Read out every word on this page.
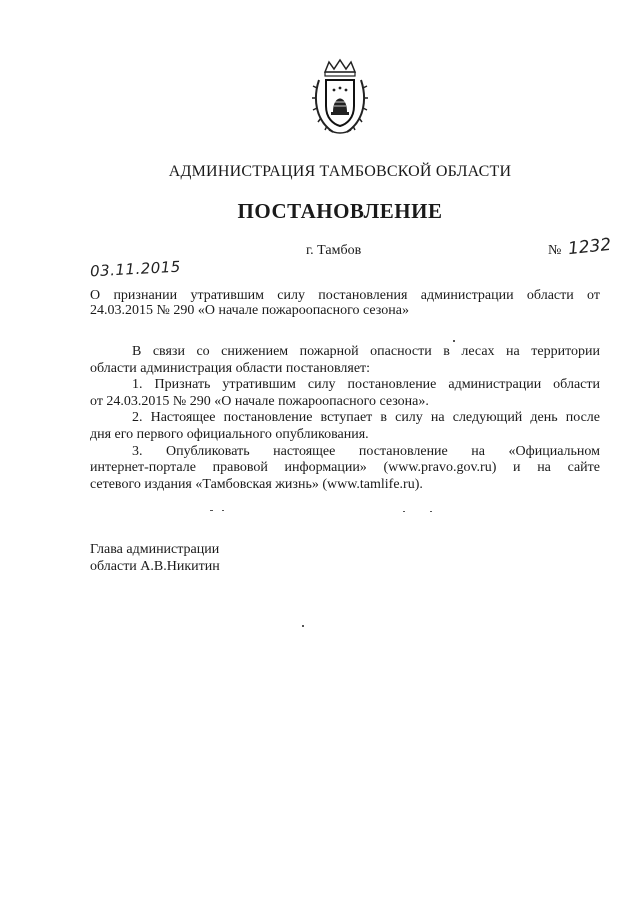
АДМИНИСТРАЦИЯ ТАМБОВСКОЙ ОБЛАСТИ
ПОСТАНОВЛЕНИЕ
г. Тамбов	№ 1232
03.11.2015
О признании утратившим силу постановления администрации области от
24.03.2015 № 290 «О начале пожароопасного сезона»
В связи со снижением пожарной опасности в лесах на территории
области администрация области постановляет:
1. Признать утратившим силу постановление администрации области
от 24.03.2015 № 290 «О начале пожароопасного сезона».
2. Настоящее постановление вступает в силу на следующий день после
дня его первого официального опубликования.
3. Опубликовать настоящее постановление на «Официальном
интернет-портале правовой информации» (www.pravo.gov.ru) и на сайте
сетевого издания «Тамбовская жизнь» (www.tamlife.ru).
Глава администрации
области А.В.Никитин
